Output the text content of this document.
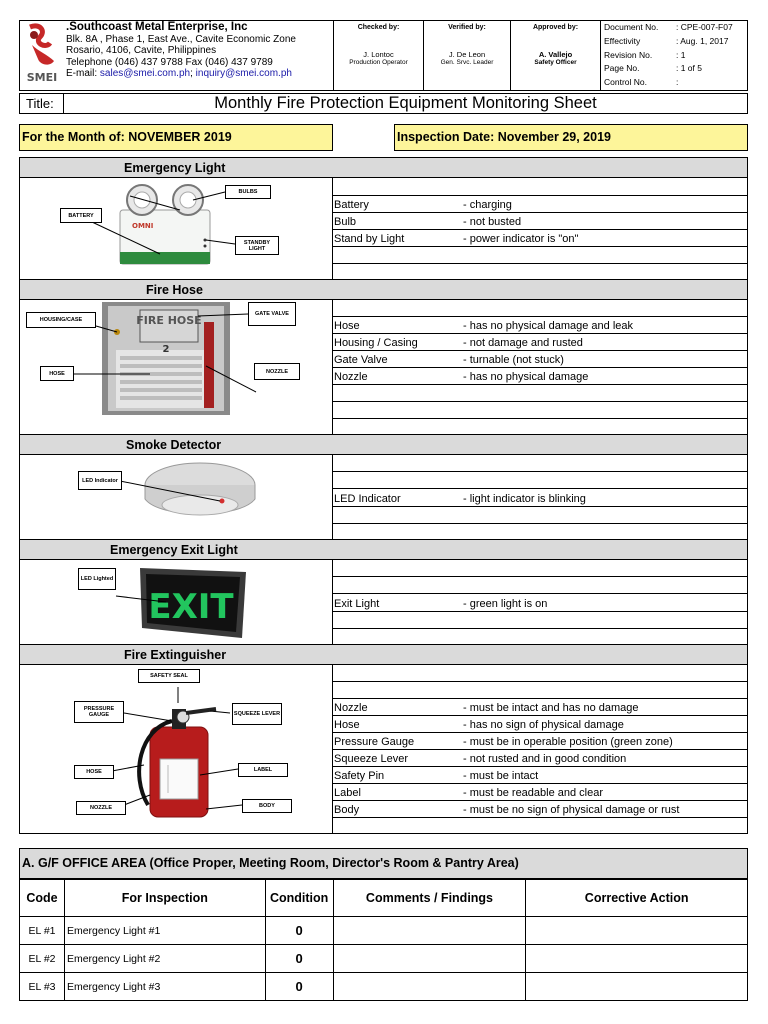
SMEI
.Southcoast Metal Enterprise, Inc
Blk. 8A , Phase 1, East Ave., Cavite Economic Zone
Rosario, 4106, Cavite, Philippines
Telephone (046) 437 9788 Fax (046) 437 9789
E-mail: sales@smei.com.ph; inquiry@smei.com.ph
Checked by:
J. Lontoc
Production Operator
Verified by:
J. De Leon
Gen. Srvc. Leader
Approved by:
A. Vallejo
Safety Officer
Document No.	: CPE-007-F07
Effectivity	: Aug. 1, 2017
Revision No.	: 1
Page No.	: 1 of 5
Control No.	:
Title:	Monthly Fire Protection Equipment Monitoring Sheet
For the Month of: NOVEMBER 2019	Inspection Date: November 29, 2019
Emergency Light
OMNI
BULBS
BATTERY
STANDBY LIGHT
Battery	- charging
Bulb	- not busted
Stand by Light	- power indicator is "on"
Fire Hose
FIRE HOSE
2
HOUSING/CASE
GATE VALVE
HOSE	NOZZLE
Hose	- has no physical damage and leak
Housing / Casing	- not damage and rusted
Gate Valve	- turnable (not stuck)
Nozzle	- has no physical damage
Smoke Detector
LED Indicator
LED Indicator	- light indicator is blinking
Emergency Exit Light
EXIT
LED Lighted
Exit Light	- green light is on
Fire Extinguisher
SAFETY SEAL
PRESSURE GAUGE	SQUEEZE LEVER
HOSE	LABEL
NOZZLE	BODY
Nozzle	- must be intact and has no damage
Hose	- has no sign of physical damage
Pressure Gauge	- must be in operable position (green zone)
Squeeze Lever	- not rusted and in good condition
Safety Pin	- must be intact
Label	- must be readable and clear
Body	- must be no sign of physical damage or rust
A. G/F OFFICE AREA (Office Proper, Meeting Room, Director's Room & Pantry Area)
Code	For Inspection	Condition	Comments / Findings	Corrective Action
EL #1	Emergency Light #1	0		
EL #2	Emergency Light #2	0		
EL #3	Emergency Light #3	0		
